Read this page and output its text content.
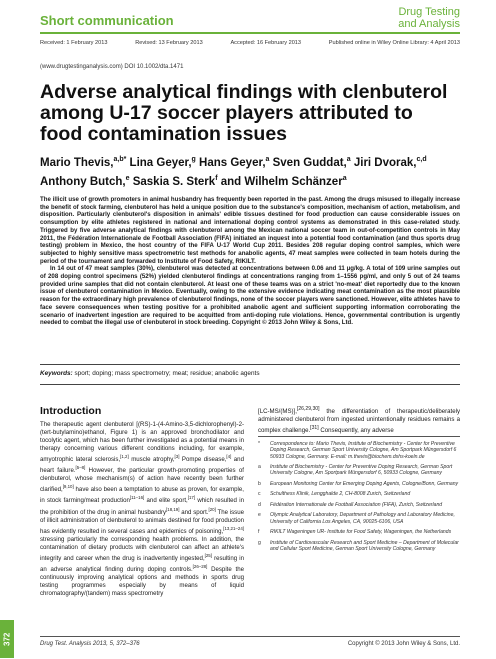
Short communication
Drug Testing
and Analysis
Received: 1 February 2013	Revised: 13 February 2013	Accepted: 16 February 2013	Published online in Wiley Online Library: 4 April 2013
(www.drugtestinganalysis.com) DOI 10.1002/dta.1471
Adverse analytical findings with clenbuterol among U-17 soccer players attributed to food contamination issues
Mario Thevis,$^{a,b*}$ Lina Geyer,$^g$ Hans Geyer,$^a$ Sven Guddat,$^a$ Jiri Dvorak,$^{c,d}$ Anthony Butch,$^e$ Saskia S. Sterk$^f$ and Wilhelm Schänzer$^a$

The illicit use of growth promoters in animal husbandry has frequently been reported in the past. Among the drugs misused to illegally increase the benefit of stock farming, clenbuterol has held a unique position due to the substance's composition, mechanism of action, metabolism, and disposition. Particularly clenbuterol's disposition in animals' edible tissues destined for food production can cause considerable issues on consumption by elite athletes registered in national and international doping control systems as demonstrated in this case-related study. Triggered by five adverse analytical findings with clenbuterol among the Mexican national soccer team in out-of-competition controls in May 2011, the Fédération Internationale de Football Association (FIFA) initiated an inquest into a potential food contamination (and thus sports drug testing) problem in Mexico, the host country of the FIFA U-17 World Cup 2011. Besides 208 regular doping control samples, which were subjected to highly sensitive mass spectrometric test methods for anabolic agents, 47 meat samples were collected in team hotels during the period of the tournament and forwarded to Institute of Food Safety, RIKILT.

In 14 out of 47 meat samples (30%), clenbuterol was detected at concentrations between 0.06 and 11 µg/kg. A total of 109 urine samples out of 208 doping control specimens (52%) yielded clenbuterol findings at concentrations ranging from 1–1556 pg/ml, and only 5 out of 24 teams provided urine samples that did not contain clenbuterol. At least one of these teams was on a strict 'no-meat' diet reportedly due to the known issue of clenbuterol contamination in Mexico. Eventually, owing to the extensive evidence indicating meat contamination as the most plausible reason for the extraordinary high prevalence of clenbuterol findings, none of the soccer players were sanctioned. However, elite athletes have to face severe consequences when testing positive for a prohibited anabolic agent and sufficient supporting information corroborating the scenario of inadvertent ingestion are required to be acquitted from anti-doping rule violations. Hence, governmental contribution is urgently needed to combat the illegal use of clenbuterol in stock breeding. Copyright © 2013 John Wiley & Sons, Ltd.

Keywords: sport; doping; mass spectrometry; meat; residue; anabolic agents
Introduction
The therapeutic agent clenbuterol [(RS)-1-(4-Amino-3,5-dichlorophenyl)-2-(tert-butylamino)ethanol, Figure 1) is an approved bronchodilator and tocolytic agent, which has been further investigated as a potential means in therapy concerning various different conditions including, for example, amyotrophic lateral sclerosis,[1,2] muscle atrophy,[3] Pompe disease,[4] and heart failure.[5–8] However, the particular growth-promoting properties of clenbuterol, whose mechanism(s) of action have recently been further clarified,[9,10] have also been a temptation to abuse as proven, for example, in stock farming/meat production[11–16] and elite sport,[17] which resulted in the prohibition of the drug in animal husbandry[18,19] and sport.[20] The issue of illicit administration of clenbuterol to animals destined for food production has evidently resulted in several cases and epidemics of poisoning,[13,21–24] stressing particularly the corresponding health problems. In addition, the contamination of dietary products with clenbuterol can affect an athlete's integrity and career when the drug is inadvertently ingested,[25] resulting in an adverse analytical finding during doping controls.[26–28] Despite the continuously improving analytical options and methods in sports drug testing programmes especially by means of liquid chromatography/(tandem) mass spectrometry
[LC-MS/(MS)],[26,29,30] the differentiation of therapeutic/deliberately administered clenbuterol from ingested unintentionally residues remains a complex challenge.[31] Consequently, any adverse
*	Correspondence to: Mario Thevis, Institute of Biochemistry - Center for Preventive Doping Research, German Sport University Cologne, Am Sportpark Müngersdorf 6 50933 Cologne, Germany. E-mail: m.thevis@biochem.dshs-koeln.de
a	Institute of Biochemistry - Center for Preventive Doping Research, German Sport University Cologne, Am Sportpark Müngersdorf 6, 50933 Cologne, Germany
b	European Monitoring Center for Emerging Doping Agents, Cologne/Bonn, Germany
c	Schulthess Klinik, Lengghalde 2, CH-8008 Zurich, Switzerland
d	Fédération Internationale de Football Association (FIFA), Zurich, Switzerland
e	Olympic Analytical Laboratory, Department of Pathology and Laboratory Medicine, University of California Los Angeles, CA, 90025-6106, USA
f	RIKILT Wageningen UR- Institute for Food Safety, Wageningen, the Netherlands
g	Institute of Cardiovascular Research and Sport Medicine – Department of Molecular and Cellular Sport Medicine, German Sport University Cologne, Germany
372	Drug Test. Analysis 2013, 5, 372–376	Copyright © 2013 John Wiley & Sons, Ltd.
